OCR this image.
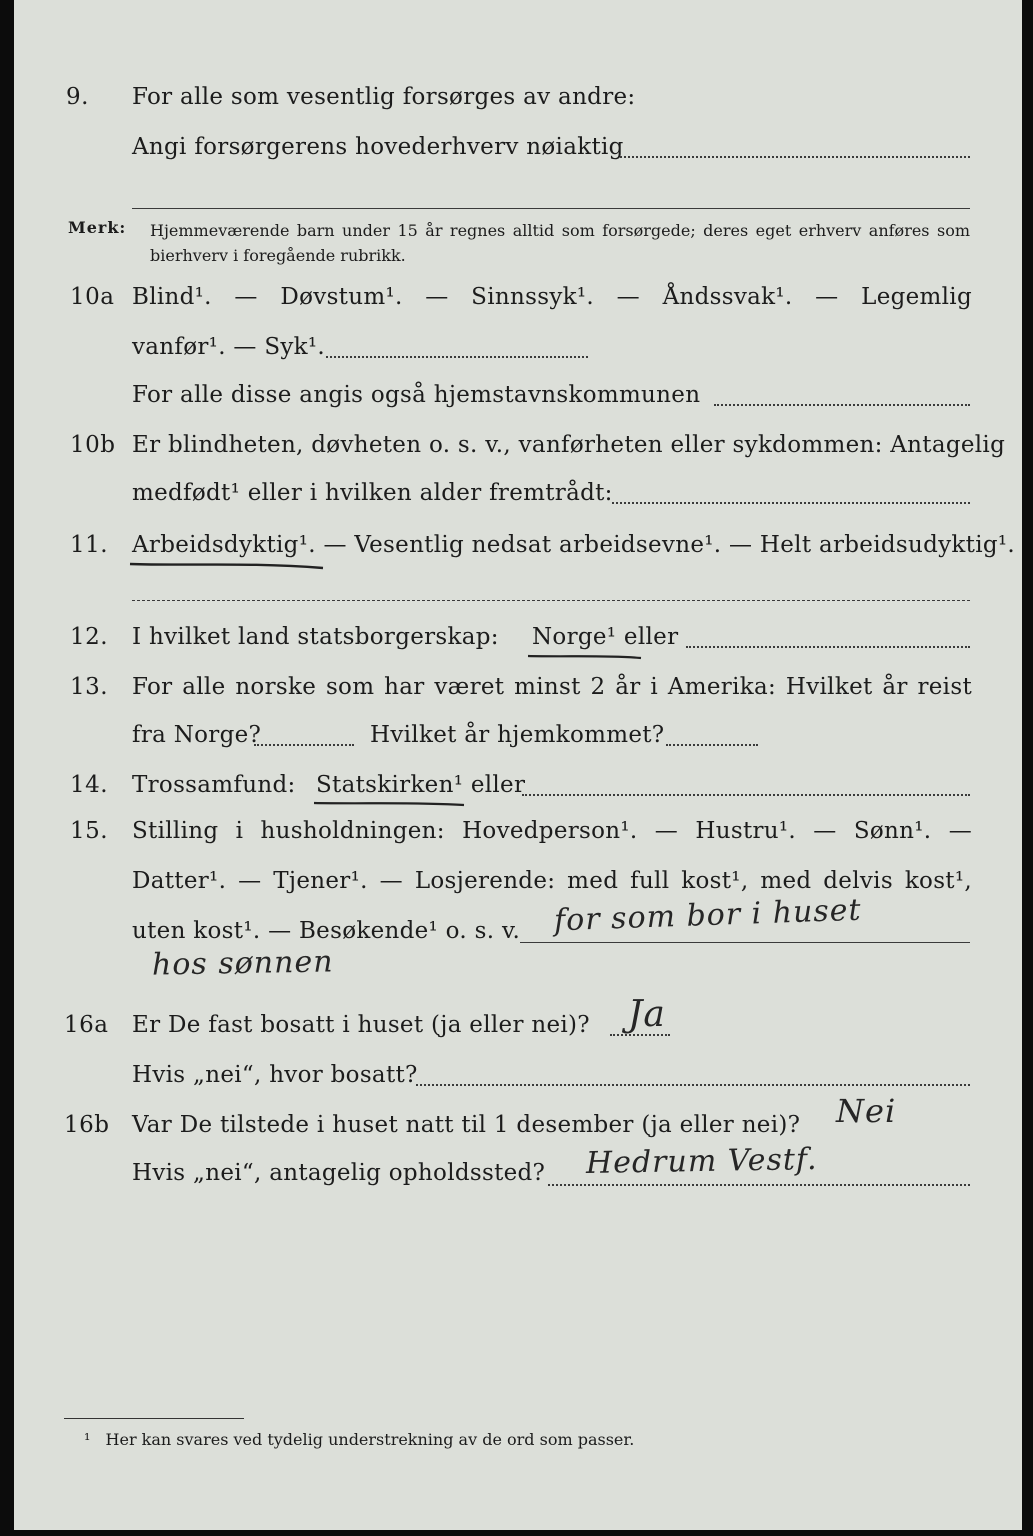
9. For alle som vesentlig forsørges av andre:
Angi forsørgerens hovederhverv nøiaktig
Merk: Hjemmeværende barn under 15 år regnes alltid som forsørgede; deres eget erhverv anføres som bierhverv i foregående rubrikk.
10a Blind¹. — Døvstum¹. — Sinnssyk¹. — Åndssvak¹. — Legemlig
vanfør¹. — Syk¹.
For alle disse angis også hjemstavnskommunen
10b Er blindheten, døvheten o. s. v., vanførheten eller sykdommen: Antagelig
medfødt¹ eller i hvilken alder fremtrådt:
11. Arbeidsdyktig¹. — Vesentlig nedsat arbeidsevne¹. — Helt arbeidsudyktig¹.
12. I hvilket land statsborgerskap: Norge¹ eller
13. For alle norske som har været minst 2 år i Amerika: Hvilket år reist
fra Norge?	Hvilket år hjemkommet?
14. Trossamfund: Statskirken¹ eller
15. Stilling i husholdningen: Hovedperson¹. — Hustru¹. — Sønn¹. —
Datter¹. — Tjener¹. — Losjerende: med full kost¹, med delvis kost¹,
uten kost¹. — Besøkende¹ o. s. v. for som bor i huset
hos sønnen
16a Er De fast bosatt i huset (ja eller nei)? Ja
Hvis „nei“, hvor bosatt?
16b Var De tilstede i huset natt til 1 desember (ja eller nei)? Nei
Hvis „nei“, antagelig opholdssted? Hedrum Vestf.
¹ Her kan svares ved tydelig understrekning av de ord som passer.
